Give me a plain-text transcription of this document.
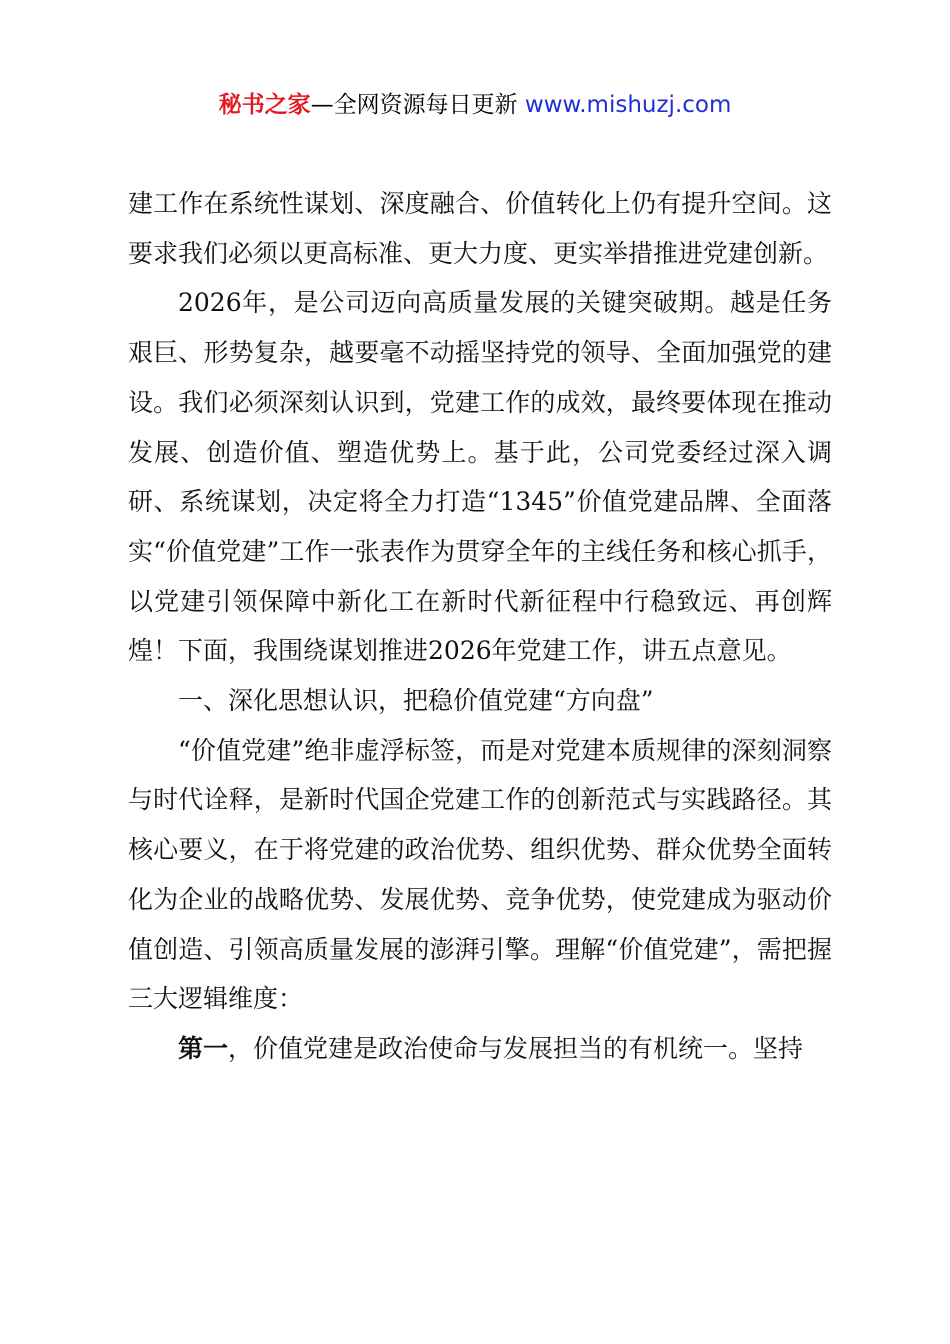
秘书之家—全网资源每日更新 www.mishuzj.com

建工作在系统性谋划、深度融合、价值转化上仍有提升空间。这要求我们必须以更高标准、更大力度、更实举措推进党建创新。

2026年，是公司迈向高质量发展的关键突破期。越是任务艰巨、形势复杂，越要毫不动摇坚持党的领导、全面加强党的建设。我们必须深刻认识到，党建工作的成效，最终要体现在推动发展、创造价值、塑造优势上。基于此，公司党委经过深入调研、系统谋划，决定将全力打造“1345”价值党建品牌、全面落实“价值党建”工作一张表作为贯穿全年的主线任务和核心抓手，以党建引领保障中新化工在新时代新征程中行稳致远、再创辉煌！下面，我围绕谋划推进2026年党建工作，讲五点意见。

一、深化思想认识，把稳价值党建“方向盘”

“价值党建”绝非虚浮标签，而是对党建本质规律的深刻洞察与时代诠释，是新时代国企党建工作的创新范式与实践路径。其核心要义，在于将党建的政治优势、组织优势、群众优势全面转化为企业的战略优势、发展优势、竞争优势，使党建成为驱动价值创造、引领高质量发展的澎湃引擎。理解“价值党建”，需把握三大逻辑维度：

第一，价值党建是政治使命与发展担当的有机统一。坚持
